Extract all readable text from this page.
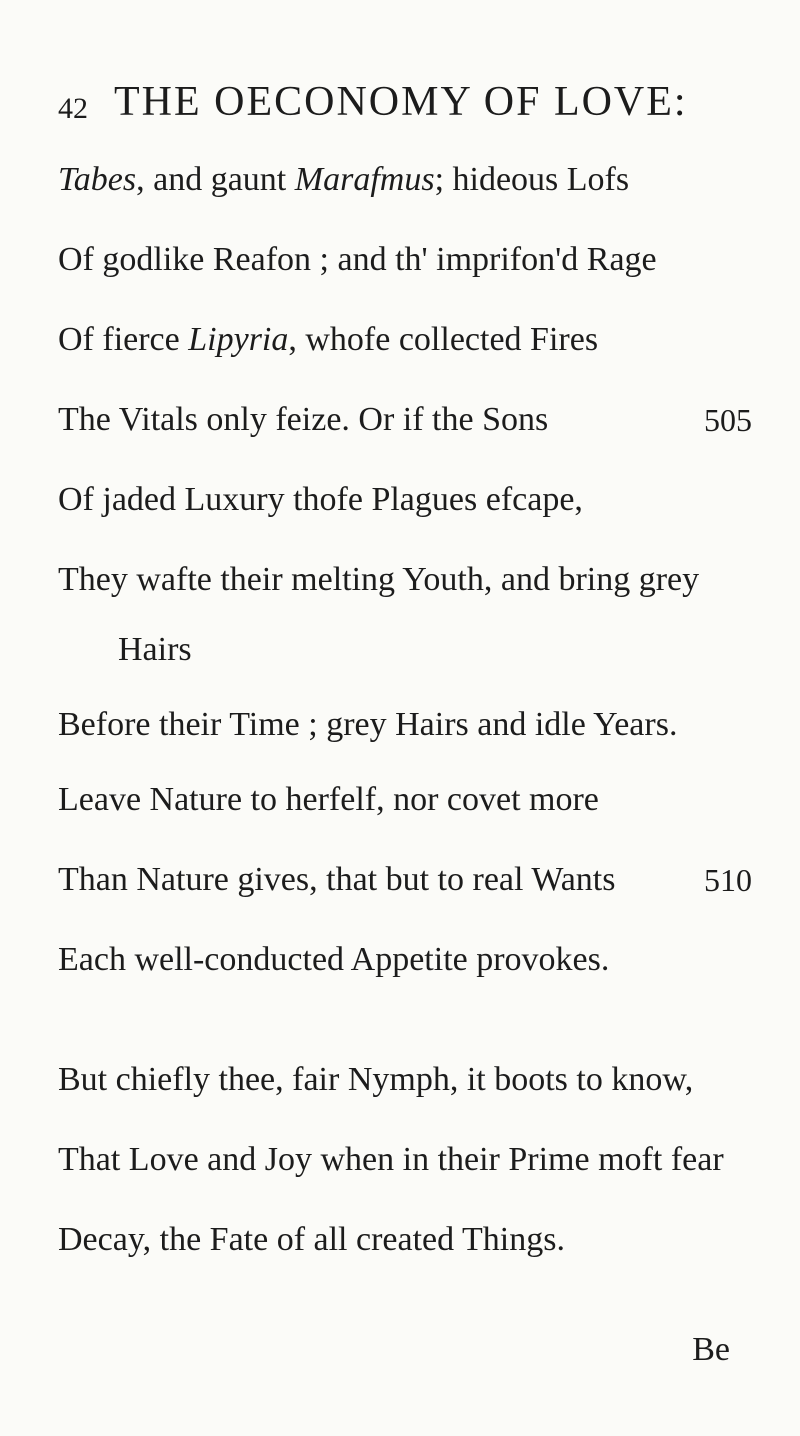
42 THE OECONOMY OF LOVE:
Tabes, and gaunt Marafmus; hideous Lofs
Of godlike Reafon ; and th' imprifon'd Rage
Of fierce Lipyria, whofe collected Fires
The Vitals only feize. Or if the Sons	505
Of jaded Luxury thofe Plagues efcape,
They wafte their melting Youth, and bring grey
Hairs
Before their Time ; grey Hairs and idle Years.
Leave Nature to herfelf, nor covet more
Than Nature gives, that but to real Wants	510
Each well-conducted Appetite provokes.
But chiefly thee, fair Nymph, it boots to know,
That Love and Joy when in their Prime moft fear
Decay, the Fate of all created Things.
Be
